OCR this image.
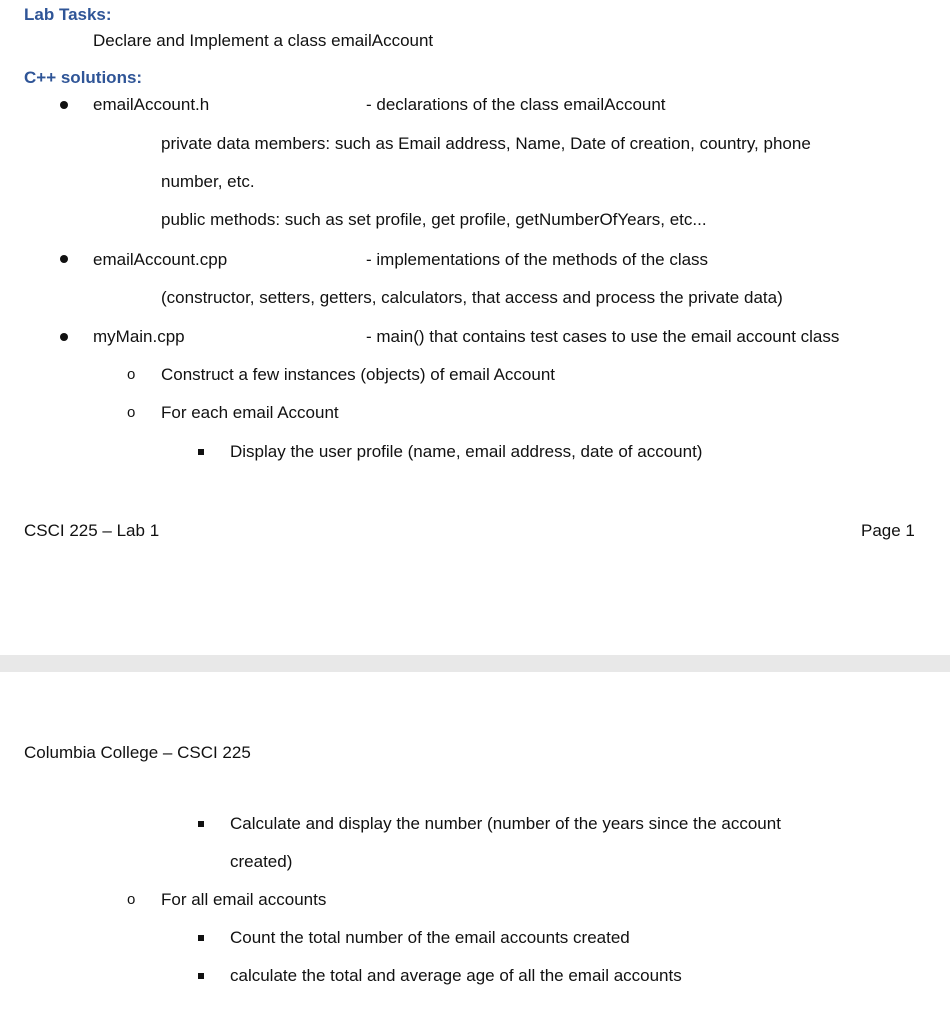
Lab Tasks:
Declare and Implement a class emailAccount
C++ solutions:
emailAccount.h	- declarations of the class emailAccount
private data members: such as Email address, Name, Date of creation, country, phone
number, etc.
public methods: such as set profile, get profile, getNumberOfYears, etc...
emailAccount.cpp	- implementations of the methods of the class
(constructor, setters, getters, calculators, that access and process the private data)
myMain.cpp	- main() that contains test cases to use the email account class
o Construct a few instances (objects) of email Account
o For each email Account
Display the user profile (name, email address, date of account)
CSCI 225 – Lab 1	Page 1
Columbia College – CSCI 225
Calculate and display the number (number of the years since the account
created)
o For all email accounts
Count the total number of the email accounts created
calculate the total and average age of all the email accounts
